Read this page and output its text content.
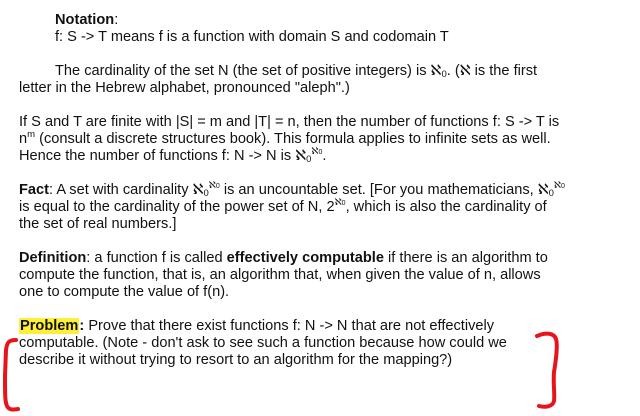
Notation:
f: S -> T means f is a function with domain S and codomain T
The cardinality of the set N (the set of positive integers) is ℵ$_0$. (ℵ is the first
letter in the Hebrew alphabet, pronounced "aleph".)
If S and T are finite with |S| = m and |T| = n, then the number of functions f: S -> T is
$n^m$ (consult a discrete structures book). This formula applies to infinite sets as well.
Hence the number of functions f: N -> N is ℵ$_0^{ℵ0}$.
Fact: A set with cardinality ℵ$_0^{ℵ0}$ is an uncountable set. [For you mathematicians, ℵ$_0^{ℵ0}$
is equal to the cardinality of the power set of N, $2^{ℵ0}$, which is also the cardinality of
the set of real numbers.]
Definition: a function f is called effectively computable if there is an algorithm to
compute the function, that is, an algorithm that, when given the value of n, allows
one to compute the value of f(n).
Problem: Prove that there exist functions f: N -> N that are not effectively
computable. (Note - don't ask to see such a function because how could we
describe it without trying to resort to an algorithm for the mapping?)
